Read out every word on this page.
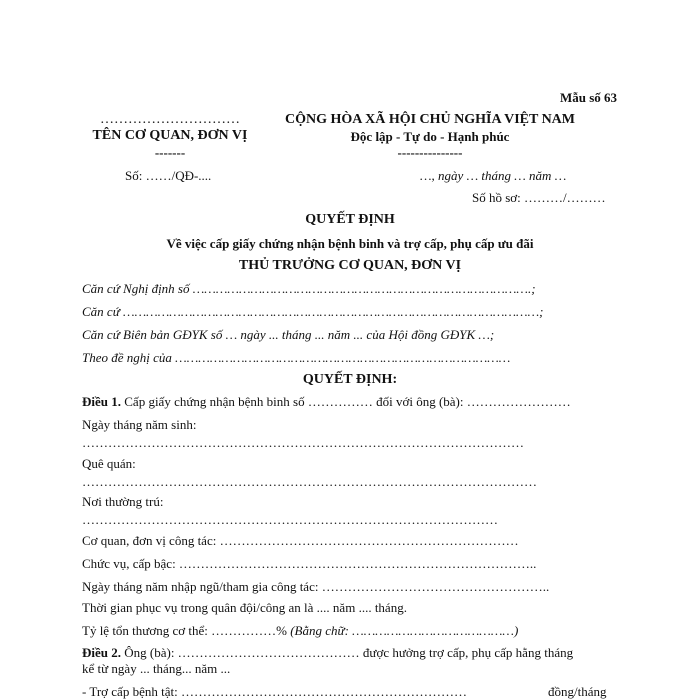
Mẫu số 63
…………………………
TÊN CƠ QUAN, ĐƠN VỊ
-------
CỘNG HÒA XÃ HỘI CHỦ NGHĨA VIỆT NAM
Độc lập - Tự do - Hạnh phúc
---------------
Số: ……/QĐ-....	…, ngày … tháng … năm …
Số hồ sơ: ………/………
QUYẾT ĐỊNH
Về việc cấp giấy chứng nhận bệnh binh và trợ cấp, phụ cấp ưu đãi
THỦ TRƯỞNG CƠ QUAN, ĐƠN VỊ
Căn cứ Nghị định số …………………………………………………………………………….;
Căn cứ ………………………………………………………………………………………………;
Căn cứ Biên bản GĐYK số … ngày ... tháng ... năm ... của Hội đồng GĐYK …;
Theo đề nghị của ……………………………………………………………………………
QUYẾT ĐỊNH:
Điều 1. Cấp giấy chứng nhận bệnh binh số …………… đối với ông (bà): ……………………
Ngày tháng năm sinh:
…………………………………………………………………………………………
Quê quán:
……………………………………………………………………………………………
Nơi thường trú:
……………………………………………………………………………………
Cơ quan, đơn vị công tác: ……………………………………………………………
Chức vụ, cấp bậc: ………………………………………………………………………..
Ngày tháng năm nhập ngũ/tham gia công tác: ……………………………………………..
Thời gian phục vụ trong quân đội/công an là .... năm .... tháng.
Tỷ lệ tổn thương cơ thể: ……………% (Bằng chữ: ……………………………………)
Điều 2. Ông (bà): …………………………………… được hưởng trợ cấp, phụ cấp hằng tháng
kể từ ngày ... tháng... năm ...
- Trợ cấp bệnh tật: …………………………………………………………	đồng/tháng
